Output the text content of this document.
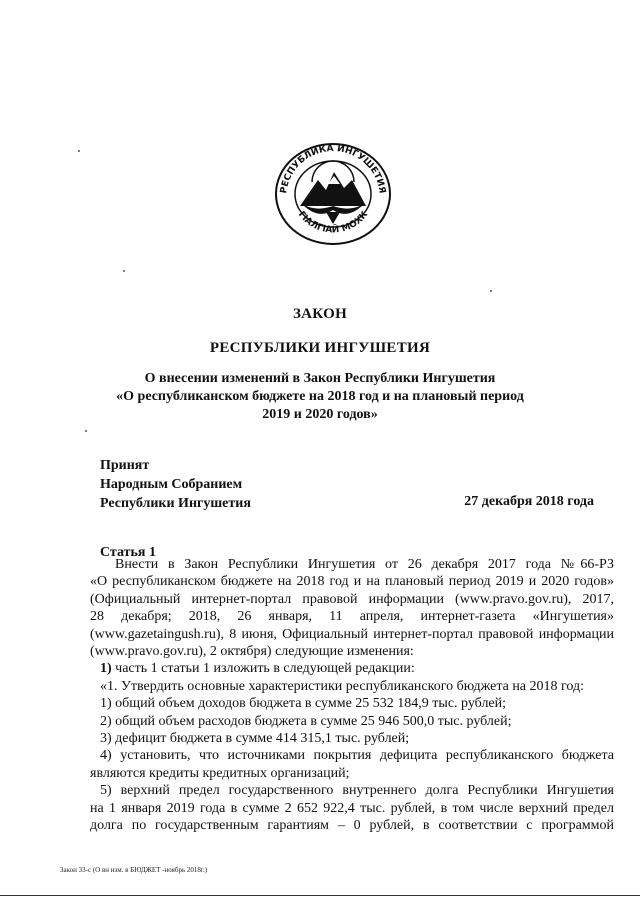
РЕСПУБЛИКА ИНГУШЕТИЯ
ГIАЛГIАЙ МОХК
ЗАКОН
РЕСПУБЛИКИ ИНГУШЕТИЯ
О внесении изменений в Закон Республики Ингушетия
«О республиканском бюджете на 2018 год и на плановый период
2019 и 2020 годов»
Принят
Народным Собранием
Республики Ингушетия	27 декабря 2018 года
Статья 1

Внести в Закон Республики Ингушетия от 26 декабря 2017 года №66-РЗ

«О республиканском бюджете на 2018 год и на плановый период 2019 и 2020 годов»

(Официальный интернет-портал правовой информации (www.pravo.gov.ru), 2017,

28 декабря; 2018, 26 января, 11 апреля, интернет-газета «Ингушетия»

(www.gazetaingush.ru), 8 июня, Официальный интернет-портал правовой информации

(www.pravo.gov.ru), 2 октября) следующие изменения:

1) часть 1 статьи 1 изложить в следующей редакции:

«1. Утвердить основные характеристики республиканского бюджета на 2018 год:

1) общий объем доходов бюджета в сумме 25 532 184,9 тыс. рублей;

2) общий объем расходов бюджета в сумме 25 946 500,0 тыс. рублей;

3) дефицит бюджета в сумме 414 315,1 тыс. рублей;

4) установить, что источниками покрытия дефицита республиканского бюджета

являются кредиты кредитных организаций;

5) верхний предел государственного внутреннего долга Республики Ингушетия

на 1 января 2019 года в сумме 2 652 922,4 тыс. рублей, в том числе верхний предел

долга по государственным гарантиям – 0 рублей, в соответствии с программой

Закон 33-с (О вн изм. в БЮДЖЕТ -ноябрь 2018г.)
